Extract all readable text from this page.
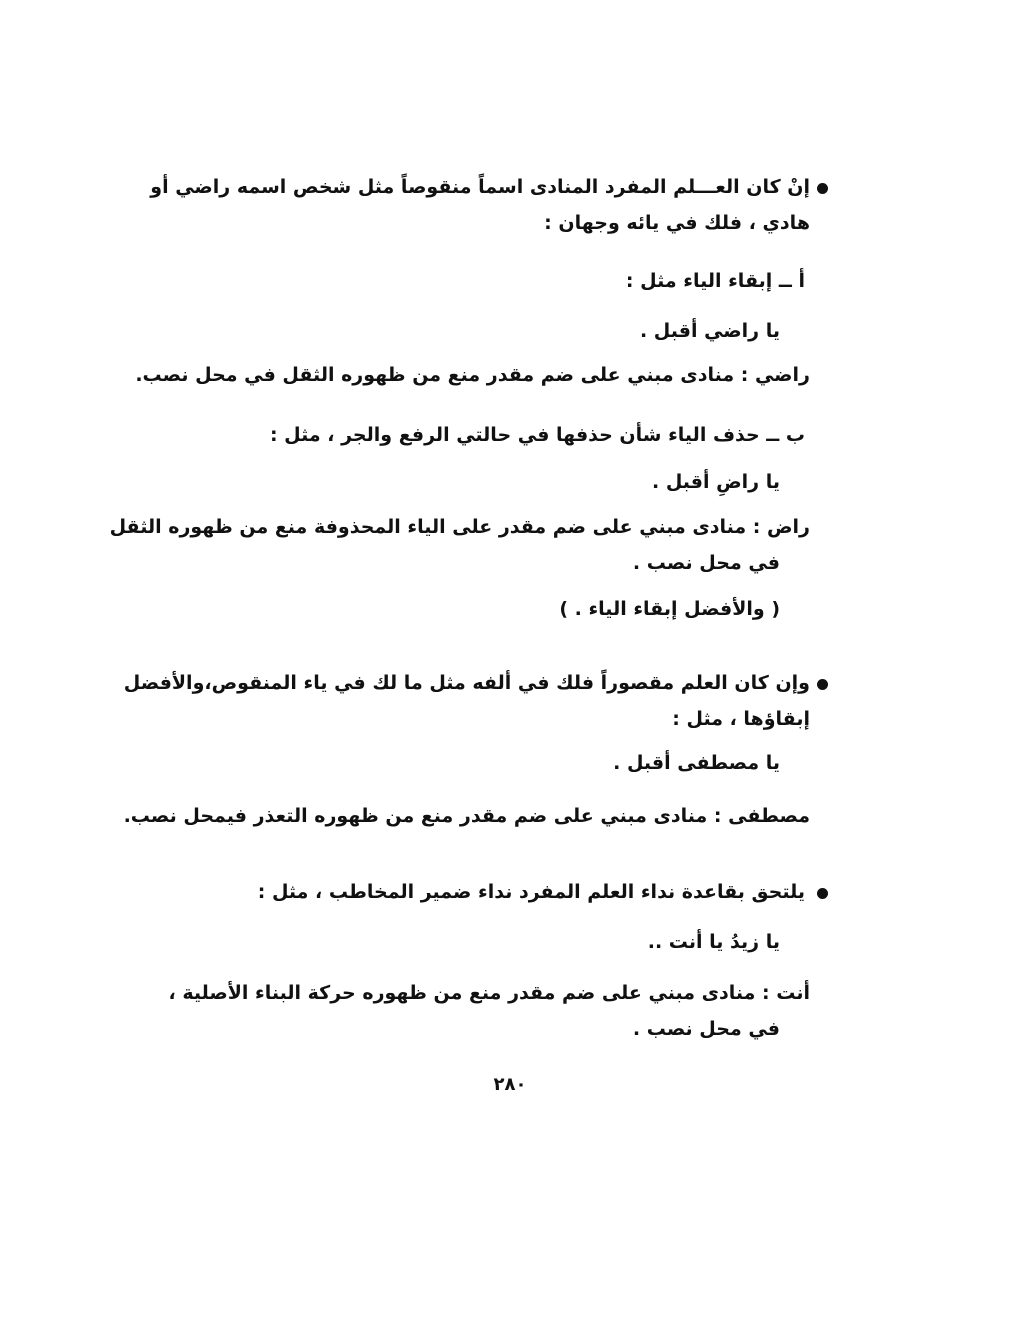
إنْ كان العـــلم المفرد المنادى اسماً منقوصاً مثل شخص اسمه راضي أو
هادي ، فلك في يائه وجهان :
أ ــ إبقاء الياء مثل :
يا راضي أقبل .
راضي : منادى مبني على ضم مقدر منع من ظهوره الثقل في محل نصب.
ب ــ حذف الياء شأن حذفها في حالتي الرفع والجر ، مثل :
يا راضِ أقبل .
راض : منادى مبني على ضم مقدر على الياء المحذوفة منع من ظهوره الثقل
في محل نصب .
( والأفضل إبقاء الياء . )
وإن كان العلم مقصوراً فلك في ألفه مثل ما لك في ياء المنقوص،والأفضل
إبقاؤها ، مثل :
يا مصطفى أقبل .
مصطفى : منادى مبني على ضم مقدر منع من ظهوره التعذر فيمحل نصب.
يلتحق بقاعدة نداء العلم المفرد نداء ضمير المخاطب ، مثل :
يا زيدُ يا أنت ..
أنت : منادى مبني على ضم مقدر منع من ظهوره حركة البناء الأصلية ،
في محل نصب .
٢٨٠
